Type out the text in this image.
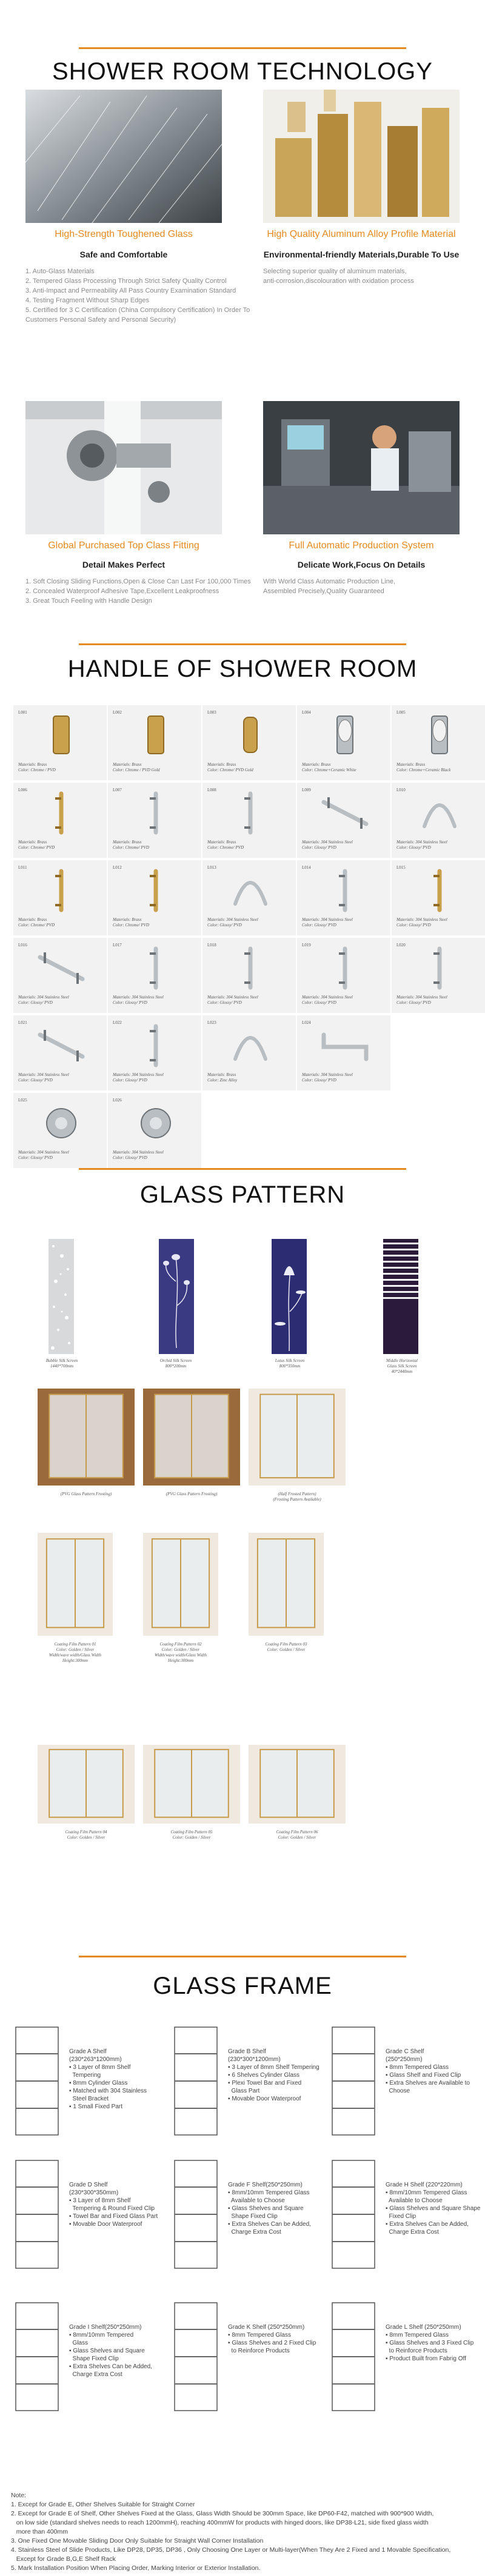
SHOWER ROOM TECHNOLOGY
High-Strength Toughened Glass	High Quality Aluminum Alloy Profile Material
Safe and Comfortable	Environmental-friendly Materials,Durable To Use
1. Auto-Glass Materials
2. Tempered Glass Processing Through Strict Safety Quality Control
3. Anti-Impact and Permeability All Pass Country Examination Standard
4. Testing Fragment Without Sharp Edges
5. Certified for 3 C Certification (China Compulsory Certification) In Order To
Customers Personal Safety and Personal Security)
Selecting superior quality of aluminum materials,
anti-corrosion,discolouration with oxidation process
Global Purchased Top Class Fitting	Full Automatic Production System
Detail Makes Perfect	Delicate Work,Focus On Details
1. Soft Closing Sliding Functions,Open & Close Can Last For 100,000 Times
2. Concealed Waterproof Adhesive Tape,Excellent Leakproofness
3. Great Touch Feeling with Handle Design
With World Class Automatic Production Line,
Assembled Precisely,Quality Guaranteed
HANDLE OF SHOWER ROOM
L001
Materials: Brass
Color: Chrome / PVD
L002
Materials: Brass
Color: Chrome / PVD Gold
L003
Materials: Brass
Color: Chrome/ PVD Gold
L004
Materials: Brass
Color: Chrome+Ceramic White
L005
Materials: Brass
Color: Chrome+Ceramic Black
L006
Materials: Brass
Color: Chrome/ PVD
L007
Materials: Brass
Color: Chrome/ PVD
L008
Materials: Brass
Color: Chrome/ PVD
L009
Materials: 304 Stainless Steel
Color: Glossy/ PVD
L010
Materials: 304 Stainless Steel
Color: Glossy/ PVD
L011
Materials: Brass
Color: Chrome/ PVD
L012
Materials: Brass
Color: Chrome/ PVD
L013
Materials: 304 Stainless Steel
Color: Glossy/ PVD
L014
Materials: 304 Stainless Steel
Color: Glossy/ PVD
L015
Materials: 304 Stainless Steel
Color: Glossy/ PVD
L016
Materials: 304 Stainless Steel
Color: Glossy/ PVD
L017
Materials: 304 Stainless Steel
Color: Glossy/ PVD
L018
Materials: 304 Stainless Steel
Color: Glossy/ PVD
L019
Materials: 304 Stainless Steel
Color: Glossy/ PVD
L020
Materials: 304 Stainless Steel
Color: Glossy/ PVD
L021
Materials: 304 Stainless Steel
Color: Glossy/ PVD
L022
Materials: 304 Stainless Steel
Color: Glossy/ PVD
L023
Materials: Brass
Color: Zinc Alloy
L024
Materials: 304 Stainless Steel
Color: Glossy/ PVD
L025
Materials: 304 Stainless Steel
Color: Glossy/ PVD
L026
Materials: 304 Stainless Steel
Color: Glossy/ PVD
GLASS PATTERN
Bubble Silk Screen
1440*700mm
Orchid Silk Screen
800*200mm
Lotus Silk Screen
800*350mm
Middle Horizontal
Glass Silk Screen
40*2440mm
(PVG Glass Pattern Frosting)	(PVG Glass Pattern Frosting)	(Half Frosted Pattern)
(Frosting Pattern Available)
Coating Film Pattern 01
Color: Golden / Silver
Width/wave width/Glass Width
Height:300mm
Coating Film Pattern 02
Color: Golden / Silver
Width/wave width/Glass Width
Height:300mm
Coating Film Pattern 03
Color: Golden / Silver
Coating Film Pattern 04
Color: Golden / Silver
Coating Film Pattern 05
Color: Golden / Silver
Coating Film Pattern 06
Color: Golden / Silver
GLASS FRAME
Grade A Shelf
(230*263*1200mm)
▪ 3 Layer of 8mm Shelf
Tempering
▪ 8mm Cylinder Glass
▪ Matched with 304 Stainless
Steel Bracket
▪ 1 Small Fixed Part
Grade B Shelf
(230*300*1200mm)
▪ 3 Layer of 8mm Shelf Tempering
▪ 6 Shelves Cylinder Glass
▪ Plexi Towel Bar and Fixed
Glass Part
▪ Movable Door Waterproof
Grade C Shelf
(250*250mm)
▪ 8mm Tempered Glass
▪ Glass Shelf and Fixed Clip
▪ Extra Shelves are Available to
Choose
Grade D Shelf
(230*300*350mm)
▪ 3 Layer of 8mm Shelf
Tempering & Round Fixed Clip
▪ Towel Bar and Fixed Glass Part
▪ Movable Door Waterproof
Grade F Shelf(250*250mm)
▪ 8mm/10mm Tempered Glass
Available to Choose
▪ Glass Shelves and Square
Shape Fixed Clip
▪ Extra Shelves Can be Added,
Charge Extra Cost
Grade H Shelf (220*220mm)
▪ 8mm/10mm Tempered Glass
Available to Choose
▪ Glass Shelves and Square Shape
Fixed Clip
▪ Extra Shelves Can be Added,
Charge Extra Cost
Grade I Shelf(250*250mm)
▪ 8mm/10mm Tempered
Glass
▪ Glass Shelves and Square
Shape Fixed Clip
▪ Extra Shelves Can be Added,
Charge Extra Cost
Grade K Shelf (250*250mm)
▪ 8mm Tempered Glass
▪ Glass Shelves and 2 Fixed Clip
to Reinforce Products
Grade L Shelf (250*250mm)
▪ 8mm Tempered Glass
▪ Glass Shelves and 3 Fixed Clip
to Reinforce Products
▪ Product Built from Fabrig Off
Note:
1. Except for Grade E, Other Shelves Suitable for Straight Corner
2. Except for Grade E of Shelf, Other Shelves Fixed at the Glass, Glass Width Should be 300mm Space, like DP60-F42, matched with 900*900 Width,
on low side (standard shelves needs to reach 1200mmH), reaching 400mmW for products with hinged doors, like DP38-L21, side fixed glass width
more than 400mm
3. One Fixed One Movable Sliding Door Only Suitable for Straight Wall Corner Installation
4. Stainless Steel of Slide Products, Like DP28, DP35, DP36 , Only Choosing One Layer or Multi-layer(When They Are 2 Fixed and 1 Movable Specification,
Except for Grade B,G,E Shelf Rack
5. Mark Installation Position When Placing Order, Marking Interior or Exterior Installation.
